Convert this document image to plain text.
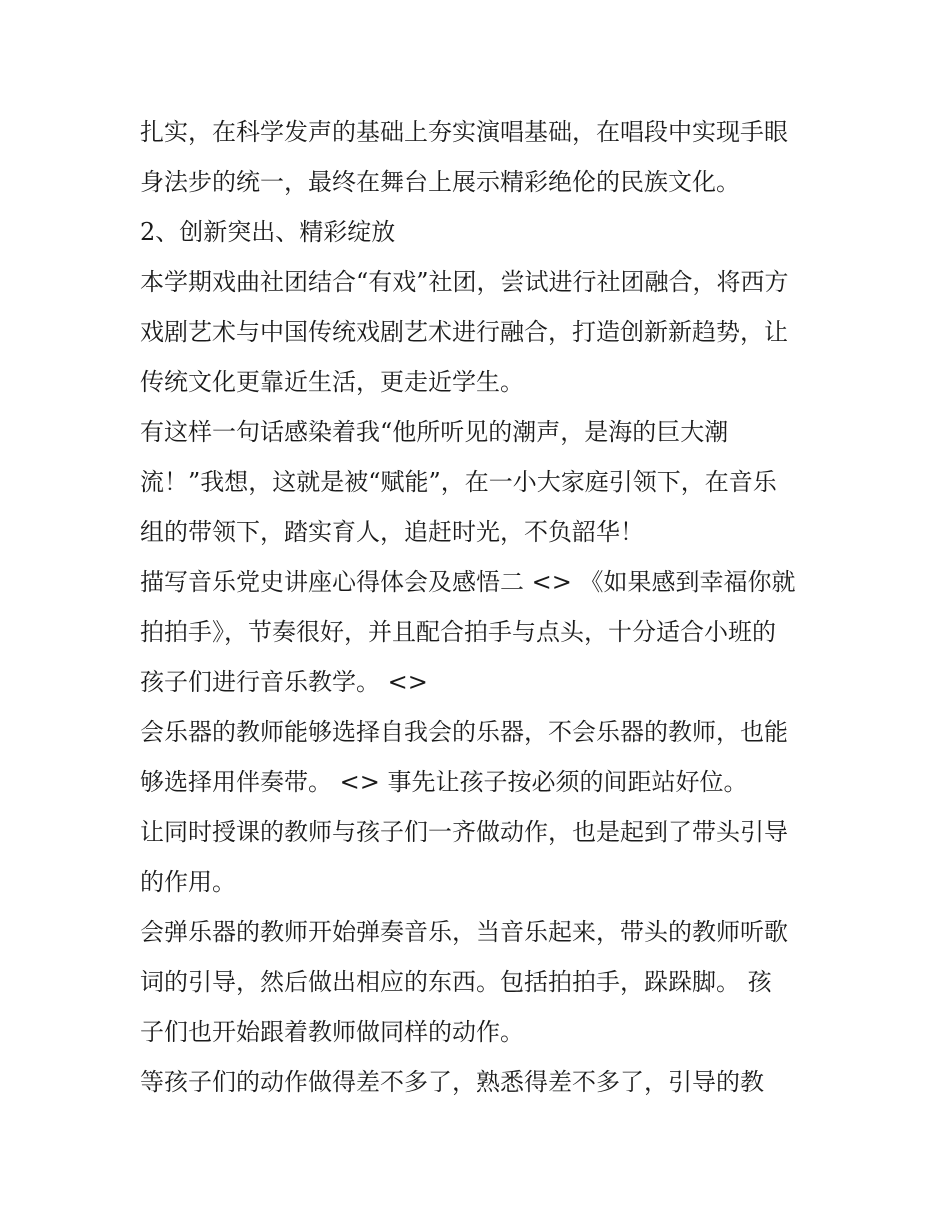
扎实，在科学发声的基础上夯实演唱基础，在唱段中实现手眼
身法步的统一，最终在舞台上展示精彩绝伦的民族文化。
2、创新突出、精彩绽放
本学期戏曲社团结合“有戏”社团，尝试进行社团融合，将西方
戏剧艺术与中国传统戏剧艺术进行融合，打造创新新趋势，让
传统文化更靠近生活，更走近学生。
有这样一句话感染着我“他所听见的潮声，是海的巨大潮
流！”我想，这就是被“赋能”，在一小大家庭引领下，在音乐
组的带领下，踏实育人，追赶时光，不负韶华！
描写音乐党史讲座心得体会及感悟二 <> 《如果感到幸福你就
拍拍手》，节奏很好，并且配合拍手与点头，十分适合小班的
孩子们进行音乐教学。 <>
会乐器的教师能够选择自我会的乐器，不会乐器的教师，也能
够选择用伴奏带。 <> 事先让孩子按必须的间距站好位。
让同时授课的教师与孩子们一齐做动作，也是起到了带头引导
的作用。
会弹乐器的教师开始弹奏音乐，当音乐起来，带头的教师听歌
词的引导，然后做出相应的东西。包括拍拍手，跺跺脚。 孩
子们也开始跟着教师做同样的动作。
等孩子们的动作做得差不多了，熟悉得差不多了，引导的教
